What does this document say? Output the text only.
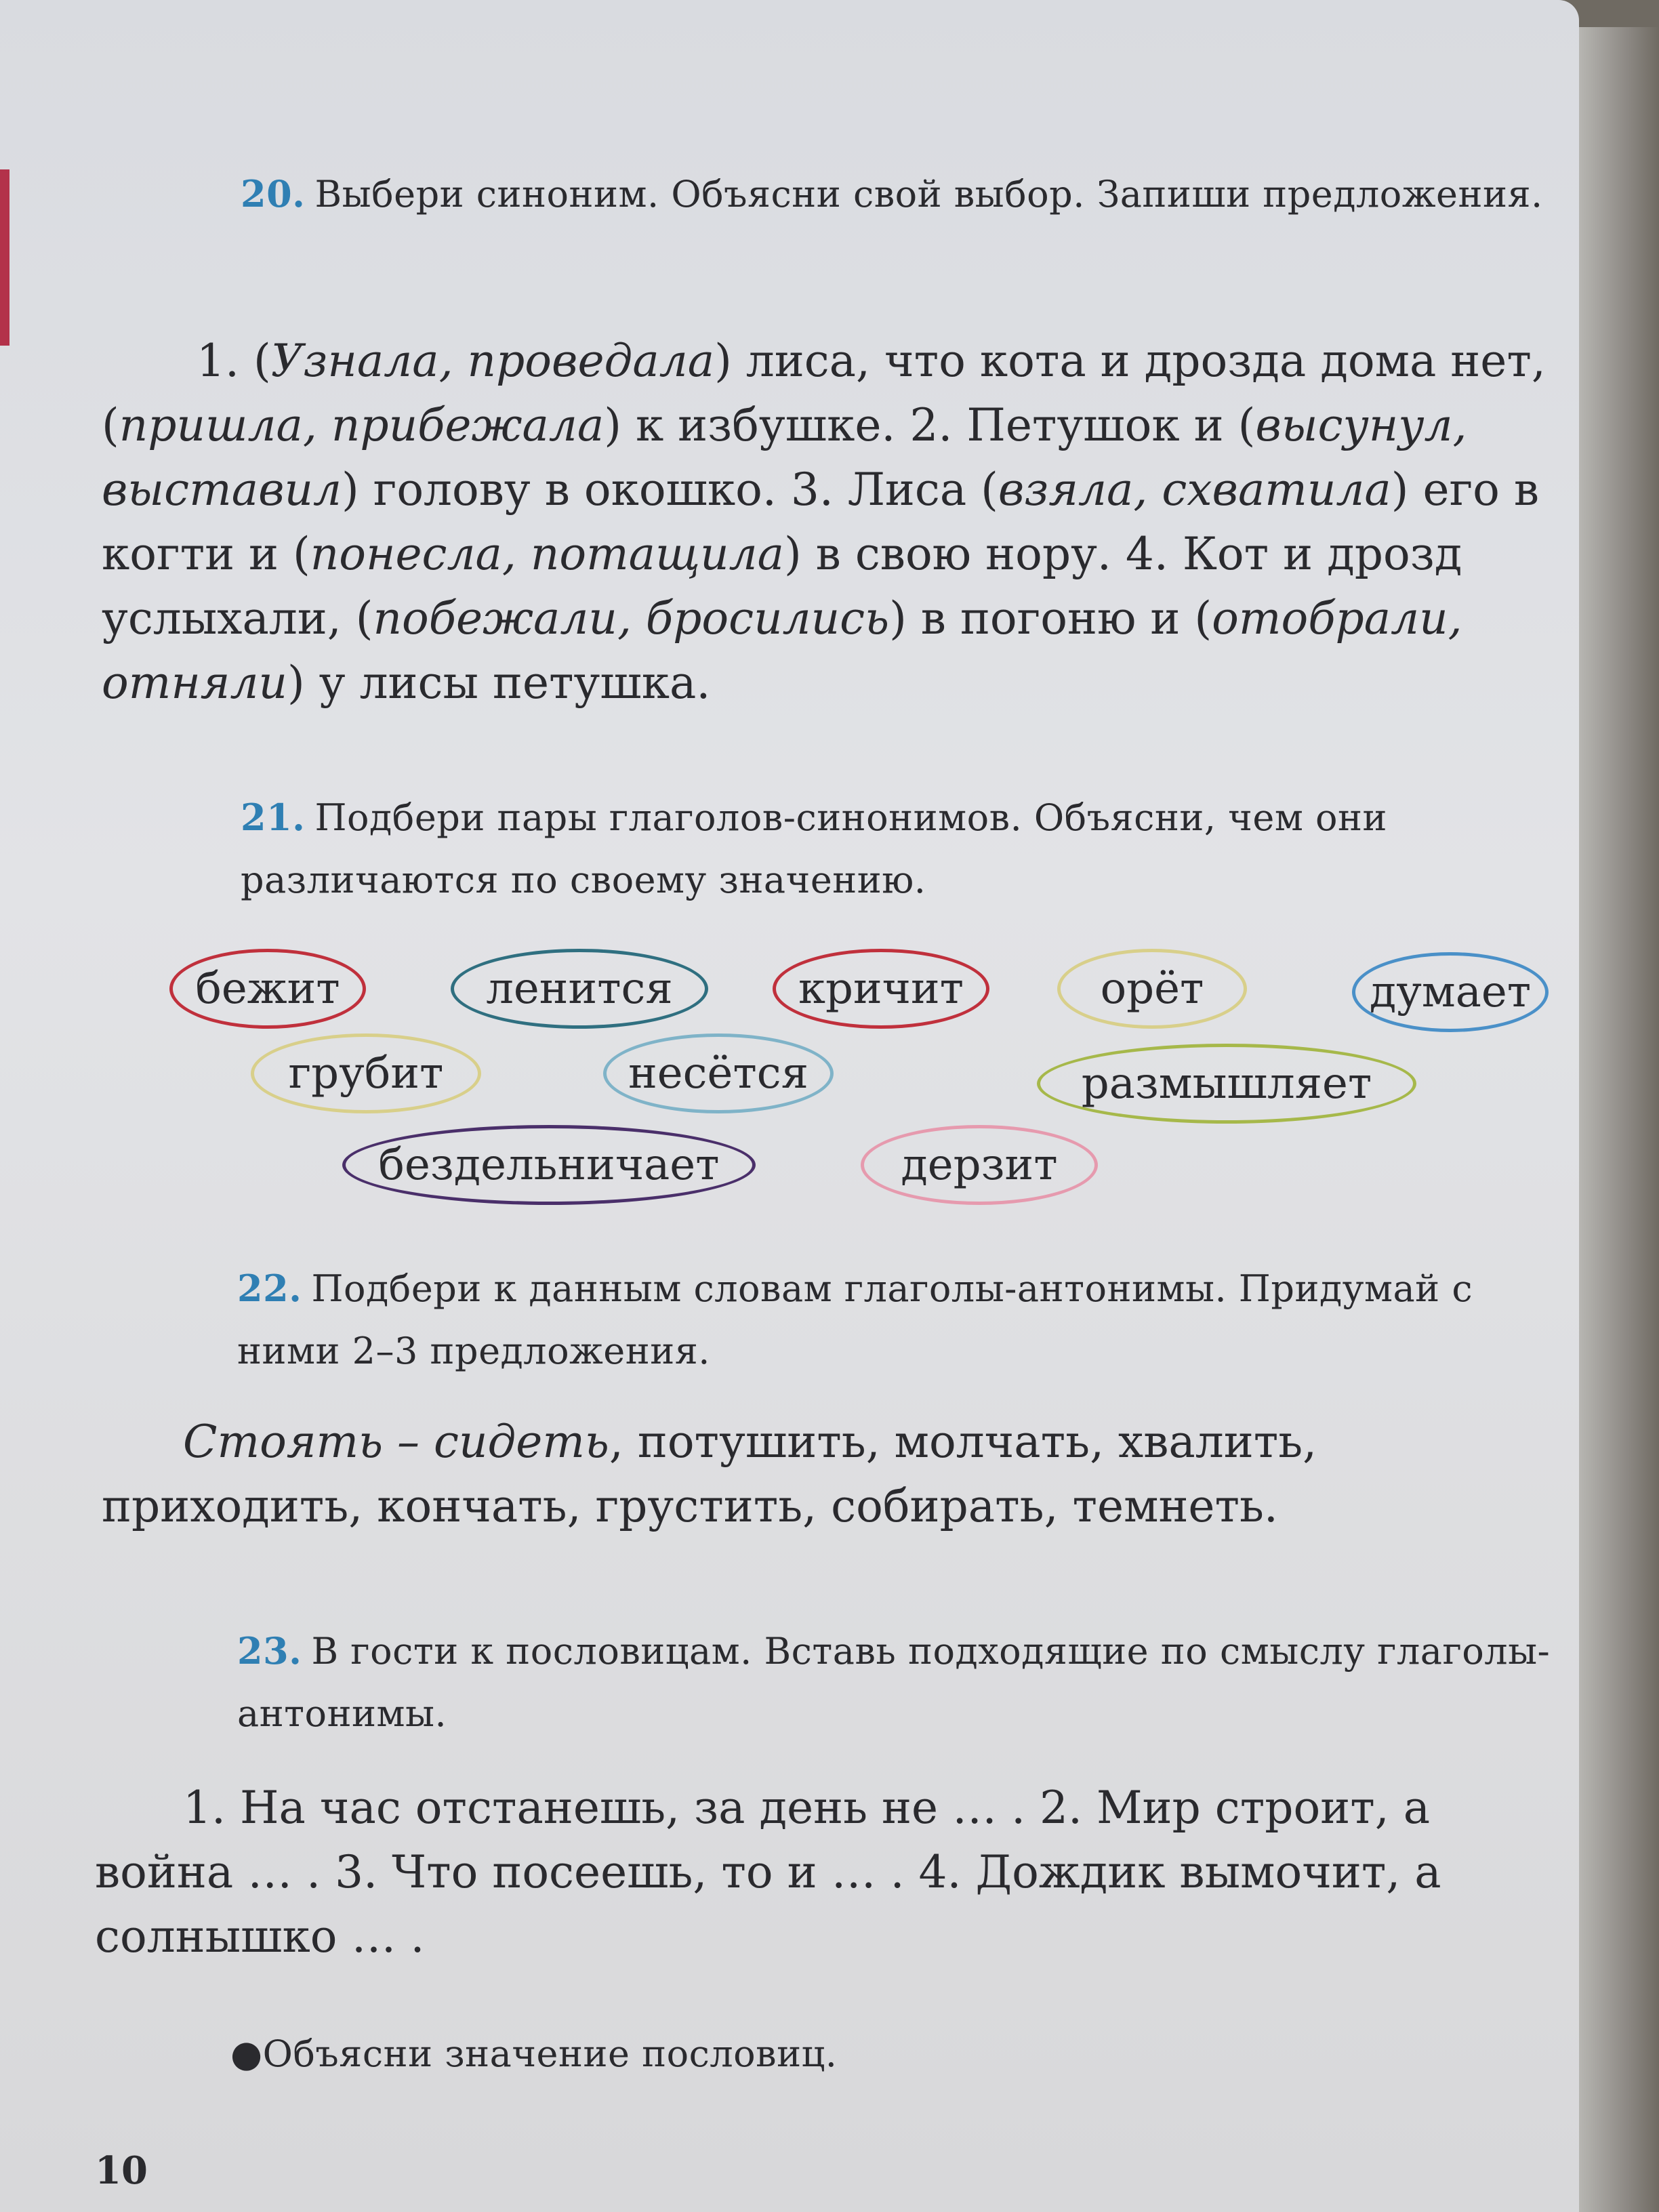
20. Выбери синоним. Объясни свой выбор. Запиши предложения.
1. (Узнала, проведала) лиса, что кота и дрозда дома нет, (пришла, прибежала) к избушке. 2. Петушок и (высунул, выставил) голову в окошко. 3. Лиса (взяла, схватила) его в когти и (понесла, потащила) в свою нору. 4. Кот и дрозд услыхали, (побежали, бросились) в погоню и (отобрали, отняли) у лисы петушка.
21. Подбери пары глаголов-синонимов. Объясни, чем они различаются по своему значению.
22. Подбери к данным словам глаголы-антонимы. Придумай с ними 2–3 предложения.
Стоять – сидеть, потушить, молчать, хвалить, приходить, кончать, грустить, собирать, темнеть.
23. В гости к пословицам. Вставь подходящие по смыслу глаголы-антонимы.
1. На час отстанешь, за день не … . 2. Мир строит, а война … . 3. Что посеешь, то и … . 4. Дождик вымочит, а солнышко … .
●Объясни значение пословиц.
10
бежит	ленится	кричит	орёт	думает
грубит	несётся	размышляет
бездельничает	дерзит
